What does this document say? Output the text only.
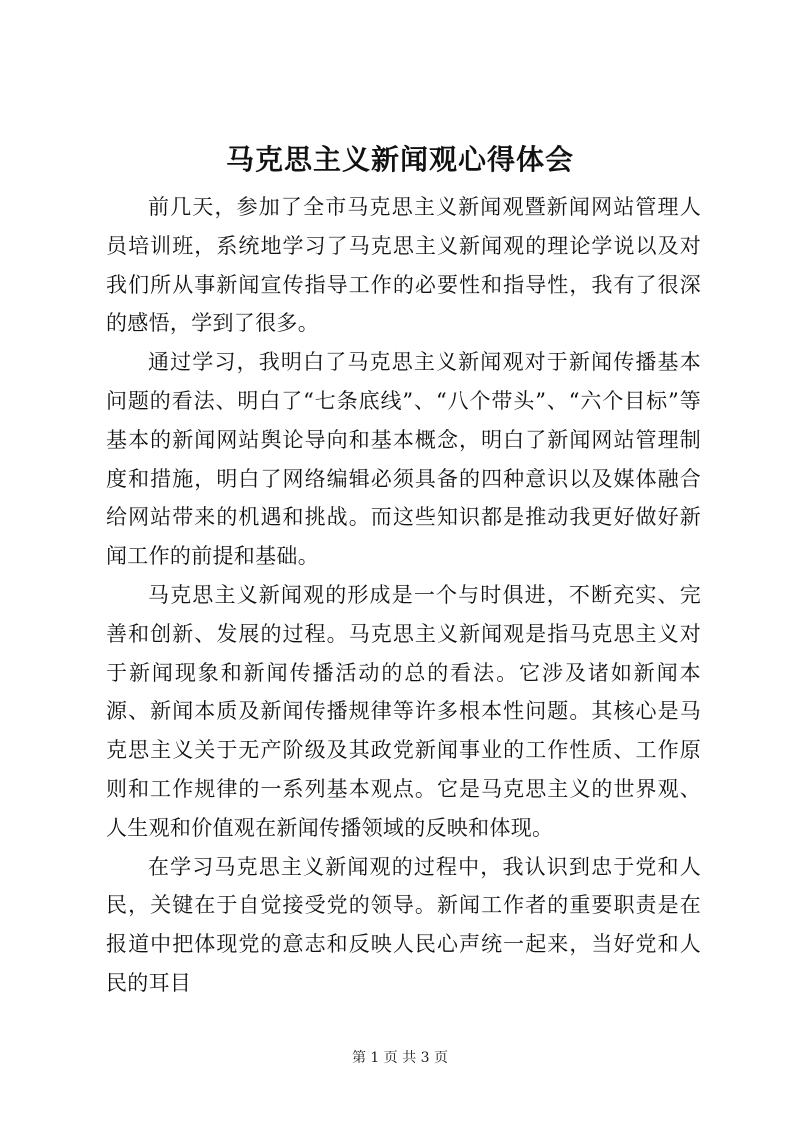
马克思主义新闻观心得体会

前几天，参加了全市马克思主义新闻观暨新闻网站管理人员培训班，系统地学习了马克思主义新闻观的理论学说以及对我们所从事新闻宣传指导工作的必要性和指导性，我有了很深的感悟，学到了很多。

通过学习，我明白了马克思主义新闻观对于新闻传播基本问题的看法、明白了“七条底线”、“八个带头”、“六个目标”等基本的新闻网站舆论导向和基本概念，明白了新闻网站管理制度和措施，明白了网络编辑必须具备的四种意识以及媒体融合给网站带来的机遇和挑战。而这些知识都是推动我更好做好新闻工作的前提和基础。

马克思主义新闻观的形成是一个与时俱进，不断充实、完善和创新、发展的过程。马克思主义新闻观是指马克思主义对于新闻现象和新闻传播活动的总的看法。它涉及诸如新闻本源、新闻本质及新闻传播规律等许多根本性问题。其核心是马克思主义关于无产阶级及其政党新闻事业的工作性质、工作原则和工作规律的一系列基本观点。它是马克思主义的世界观、人生观和价值观在新闻传播领域的反映和体现。

在学习马克思主义新闻观的过程中，我认识到忠于党和人民，关键在于自觉接受党的领导。新闻工作者的重要职责是在报道中把体现党的意志和反映人民心声统一起来，当好党和人民的耳目

第 1 页 共 3 页
